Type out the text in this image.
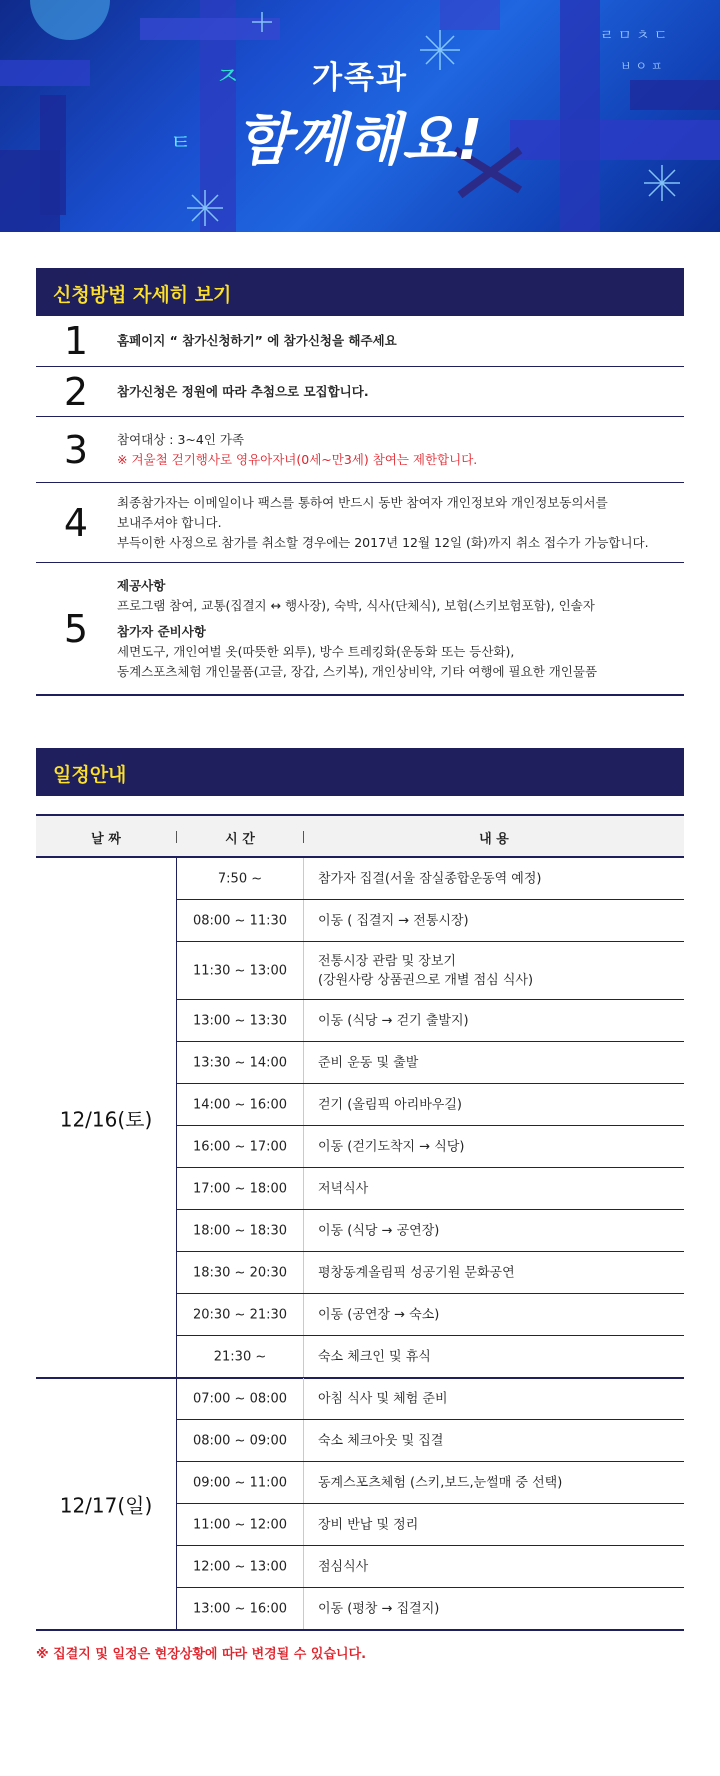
ㅈ
ㅌ
ㄹ ㅁ ㅊ ㄷ
ㅂ ㅇ ㅍ
가족과
함께해요!
신청방법 자세히 보기
1	홈페이지 “ 참가신청하기” 에 참가신청을 해주세요
2	참가신청은 정원에 따라 추첨으로 모집합니다.
3	참여대상 : 3~4인 가족
※ 겨울철 걷기행사로 영유아자녀(0세~만3세) 참여는 제한합니다.
4	최종참가자는 이메일이나 팩스를 통하여 반드시 동반 참여자 개인정보와 개인정보동의서를
보내주셔야 합니다.
부득이한 사정으로 참가를 취소할 경우에는 2017년 12월 12일 (화)까지 취소 접수가 가능합니다.
5
제공사항
프로그램 참여, 교통(집결지 ↔ 행사장), 숙박, 식사(단체식), 보험(스키보험포함), 인솔자
참가자 준비사항
세면도구, 개인여벌 옷(따뜻한 외투), 방수 트레킹화(운동화 또는 등산화),
동계스포츠체험 개인물품(고글, 장갑, 스키복), 개인상비약, 기타 여행에 필요한 개인물품
일정안내
날 짜	시 간	내 용
12/16(토)
7:50 ~	참가자 집결(서울 잠실종합운동역 예정)
08:00 ~ 11:30	이동 ( 집결지 → 전통시장)
11:30 ~ 13:00
전통시장 관람 및 장보기
(강원사랑 상품권으로 개별 점심 식사)
13:00 ~ 13:30	이동 (식당 → 걷기 출발지)
13:30 ~ 14:00	준비 운동 및 출발
14:00 ~ 16:00	걷기 (올림픽 아리바우길)
16:00 ~ 17:00	이동 (걷기도착지 → 식당)
17:00 ~ 18:00	저녁식사
18:00 ~ 18:30	이동 (식당 → 공연장)
18:30 ~ 20:30	평창동계올림픽 성공기원 문화공연
20:30 ~ 21:30	이동 (공연장 → 숙소)
21:30 ~	숙소 체크인 및 휴식
12/17(일)
07:00 ~ 08:00	아침 식사 및 체험 준비
08:00 ~ 09:00	숙소 체크아웃 및 집결
09:00 ~ 11:00	동계스포츠체험 (스키,보드,눈썰매 중 선택)
11:00 ~ 12:00	장비 반납 및 정리
12:00 ~ 13:00	점심식사
13:00 ~ 16:00	이동 (평창 → 집결지)
※ 집결지 및 일정은 현장상황에 따라 변경될 수 있습니다.
